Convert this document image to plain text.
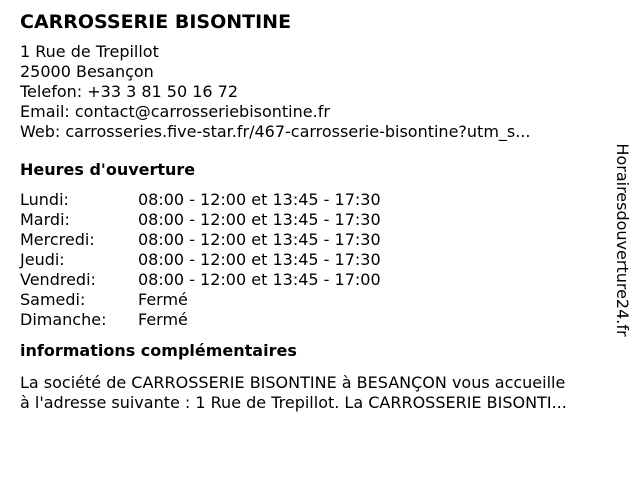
CARROSSERIE BISONTINE
1 Rue de Trepillot
25000 Besançon
Telefon: +33 3 81 50 16 72
Email: contact@carrosseriebisontine.fr
Web: carrosseries.five-star.fr/467-carrosserie-bisontine?utm_s...
Heures d'ouverture
Lundi:	08:00 - 12:00 et 13:45 - 17:30
Mardi:	08:00 - 12:00 et 13:45 - 17:30
Mercredi:	08:00 - 12:00 et 13:45 - 17:30
Jeudi:	08:00 - 12:00 et 13:45 - 17:30
Vendredi:	08:00 - 12:00 et 13:45 - 17:00
Samedi:	Fermé
Dimanche:	Fermé
informations complémentaires
La société de CARROSSERIE BISONTINE à BESANÇON vous accueille
à l'adresse suivante : 1 Rue de Trepillot. La CARROSSERIE BISONTI...
Horairesdouverture24.fr
